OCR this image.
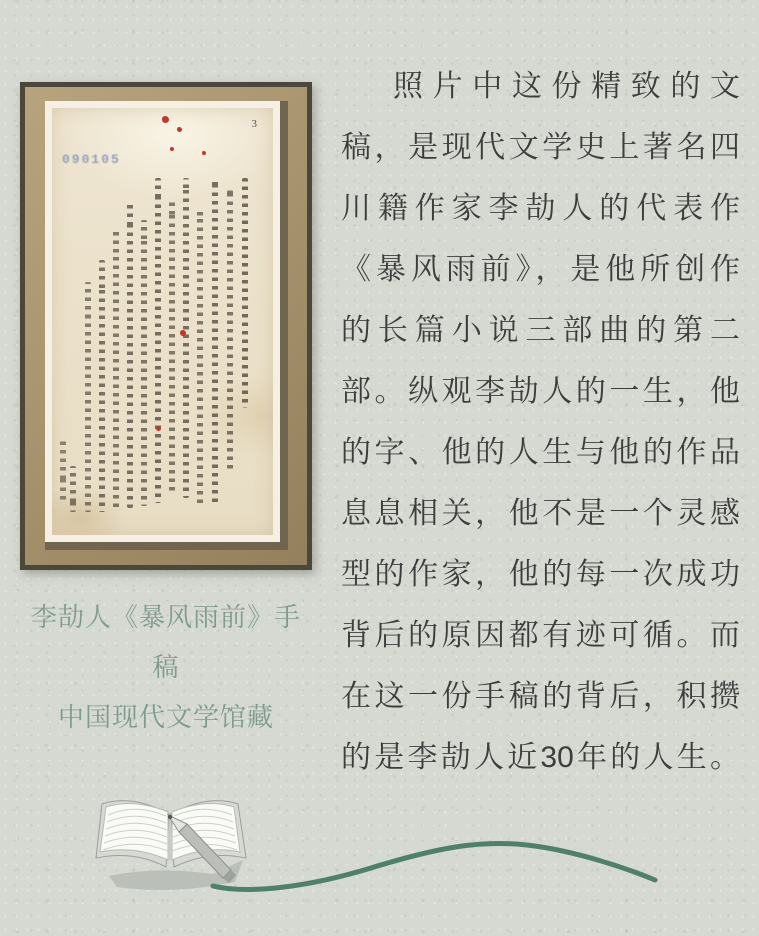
090105
3
李劼人《暴风雨前》手稿
中国现代文学馆藏
照片中这份精致的文
稿，是现代文学史上著名四
川籍作家李劼人的代表作
《暴风雨前》，是他所创作
的长篇小说三部曲的第二
部。纵观李劼人的一生，他
的字、他的人生与他的作品
息息相关，他不是一个灵感
型的作家，他的每一次成功
背后的原因都有迹可循。而
在这一份手稿的背后，积攒
的是李劼人近30年的人生。
